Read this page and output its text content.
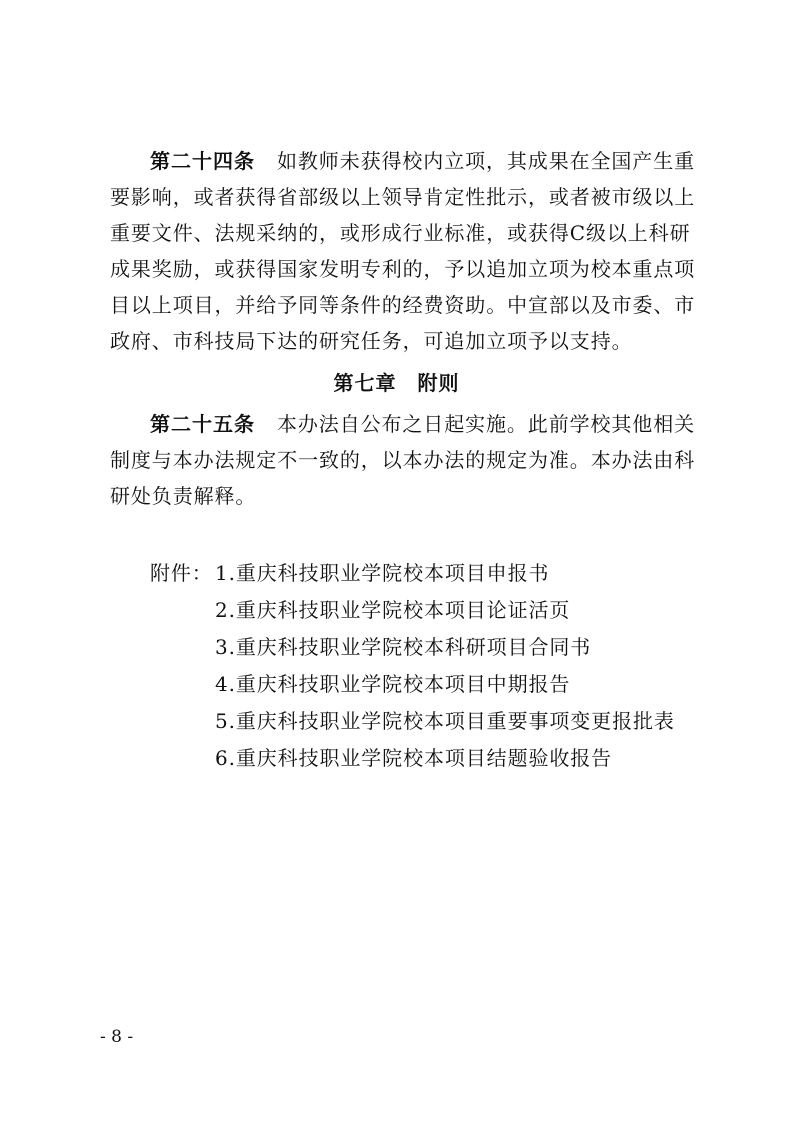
第二十四条 如教师未获得校内立项，其成果在全国产生重
要影响，或者获得省部级以上领导肯定性批示，或者被市级以上
重要文件、法规采纳的，或形成行业标准，或获得C级以上科研
成果奖励，或获得国家发明专利的，予以追加立项为校本重点项
目以上项目，并给予同等条件的经费资助。中宣部以及市委、市
政府、市科技局下达的研究任务，可追加立项予以支持。
第七章　附则
第二十五条 本办法自公布之日起实施。此前学校其他相关
制度与本办法规定不一致的，以本办法的规定为准。本办法由科
研处负责解释。
附件： 1.重庆科技职业学院校本项目申报书
2.重庆科技职业学院校本项目论证活页
3.重庆科技职业学院校本科研项目合同书
4.重庆科技职业学院校本项目中期报告
5.重庆科技职业学院校本项目重要事项变更报批表
6.重庆科技职业学院校本项目结题验收报告
- 8 -
